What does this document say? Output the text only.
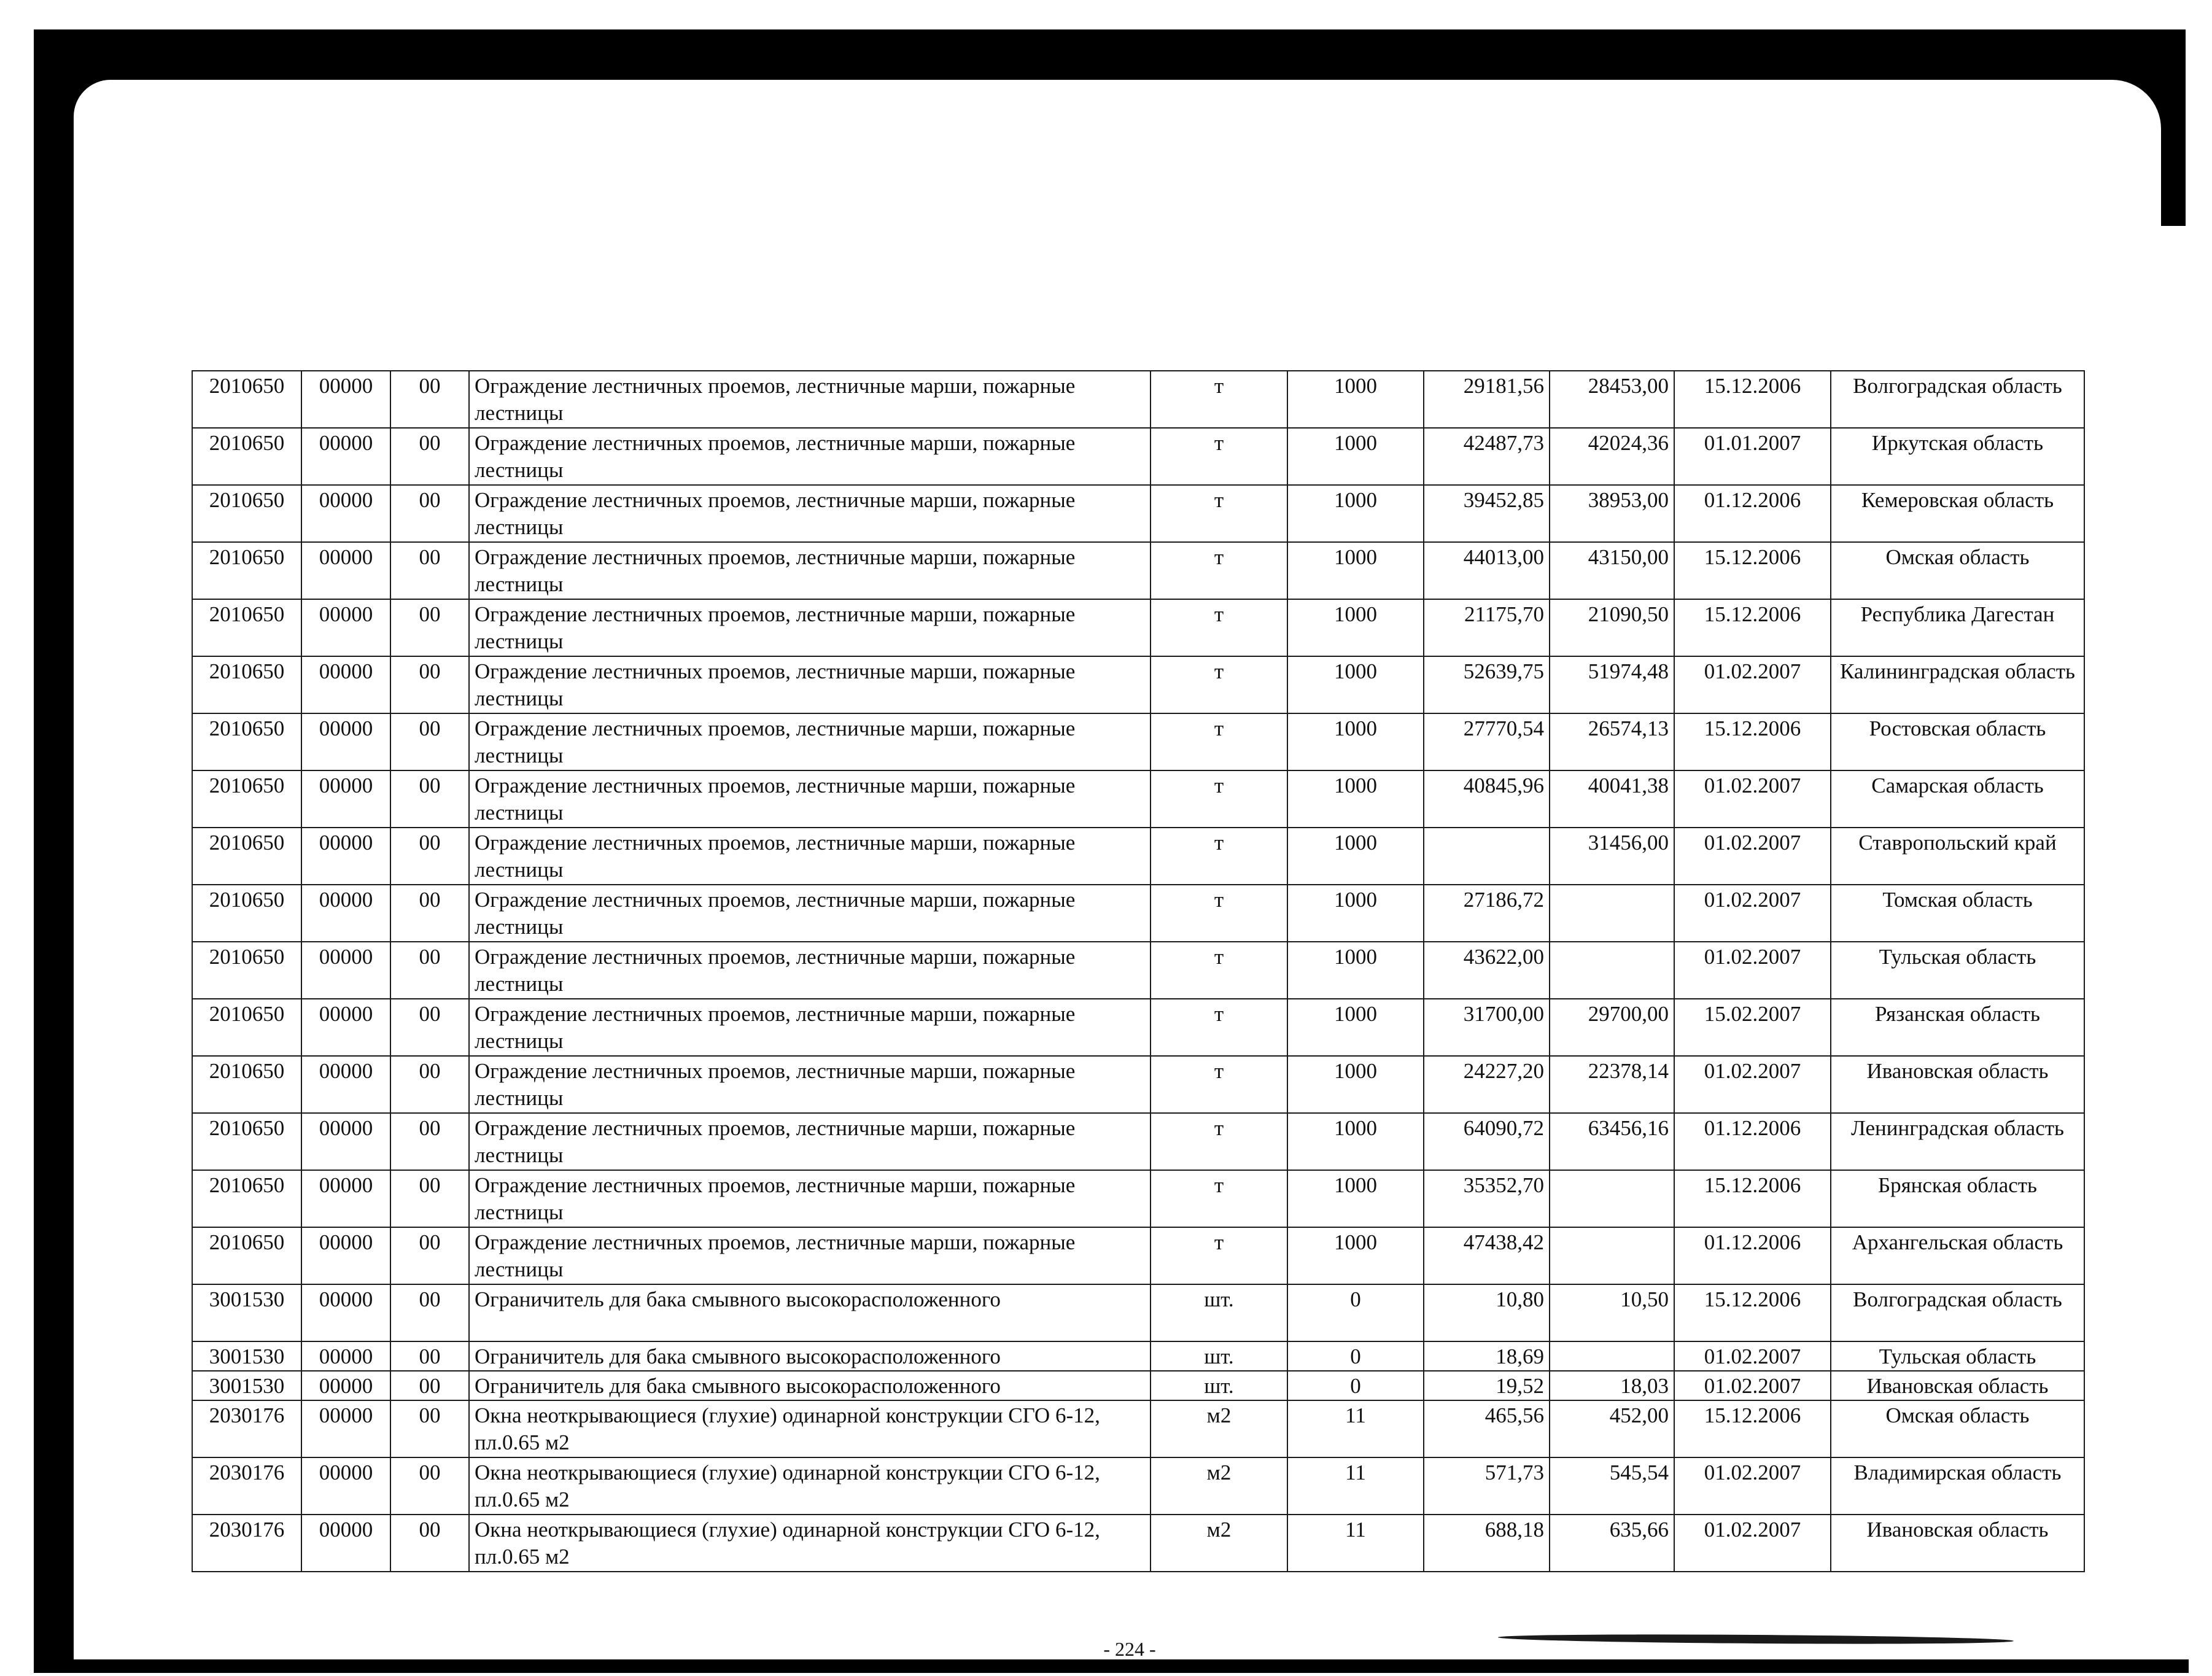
2010650	00000	00	Ограждение лестничных проемов, лестничные марши, пожарные лестницы	т	1000	29181,56	28453,00	15.12.2006	Волгоградская область
2010650	00000	00	Ограждение лестничных проемов, лестничные марши, пожарные лестницы	т	1000	42487,73	42024,36	01.01.2007	Иркутская область
2010650	00000	00	Ограждение лестничных проемов, лестничные марши, пожарные лестницы	т	1000	39452,85	38953,00	01.12.2006	Кемеровская область
2010650	00000	00	Ограждение лестничных проемов, лестничные марши, пожарные лестницы	т	1000	44013,00	43150,00	15.12.2006	Омская область
2010650	00000	00	Ограждение лестничных проемов, лестничные марши, пожарные лестницы	т	1000	21175,70	21090,50	15.12.2006	Республика Дагестан
2010650	00000	00	Ограждение лестничных проемов, лестничные марши, пожарные лестницы	т	1000	52639,75	51974,48	01.02.2007	Калининградская область
2010650	00000	00	Ограждение лестничных проемов, лестничные марши, пожарные лестницы	т	1000	27770,54	26574,13	15.12.2006	Ростовская область
2010650	00000	00	Ограждение лестничных проемов, лестничные марши, пожарные лестницы	т	1000	40845,96	40041,38	01.02.2007	Самарская область
2010650	00000	00	Ограждение лестничных проемов, лестничные марши, пожарные лестницы	т	1000		31456,00	01.02.2007	Ставропольский край
2010650	00000	00	Ограждение лестничных проемов, лестничные марши, пожарные лестницы	т	1000	27186,72		01.02.2007	Томская область
2010650	00000	00	Ограждение лестничных проемов, лестничные марши, пожарные лестницы	т	1000	43622,00		01.02.2007	Тульская область
2010650	00000	00	Ограждение лестничных проемов, лестничные марши, пожарные лестницы	т	1000	31700,00	29700,00	15.02.2007	Рязанская область
2010650	00000	00	Ограждение лестничных проемов, лестничные марши, пожарные лестницы	т	1000	24227,20	22378,14	01.02.2007	Ивановская область
2010650	00000	00	Ограждение лестничных проемов, лестничные марши, пожарные лестницы	т	1000	64090,72	63456,16	01.12.2006	Ленинградская область
2010650	00000	00	Ограждение лестничных проемов, лестничные марши, пожарные лестницы	т	1000	35352,70		15.12.2006	Брянская область
2010650	00000	00	Ограждение лестничных проемов, лестничные марши, пожарные лестницы	т	1000	47438,42		01.12.2006	Архангельская область
3001530	00000	00	Ограничитель для бака смывного высокорасположенного	шт.	0	10,80	10,50	15.12.2006	Волгоградская область
3001530	00000	00	Ограничитель для бака смывного высокорасположенного	шт.	0	18,69		01.02.2007	Тульская область
3001530	00000	00	Ограничитель для бака смывного высокорасположенного	шт.	0	19,52	18,03	01.02.2007	Ивановская область
2030176	00000	00	Окна неоткрывающиеся (глухие) одинарной конструкции СГО 6-12, пл.0.65 м2	м2	11	465,56	452,00	15.12.2006	Омская область
2030176	00000	00	Окна неоткрывающиеся (глухие) одинарной конструкции СГО 6-12, пл.0.65 м2	м2	11	571,73	545,54	01.02.2007	Владимирская область
2030176	00000	00	Окна неоткрывающиеся (глухие) одинарной конструкции СГО 6-12, пл.0.65 м2	м2	11	688,18	635,66	01.02.2007	Ивановская область
- 224 -
